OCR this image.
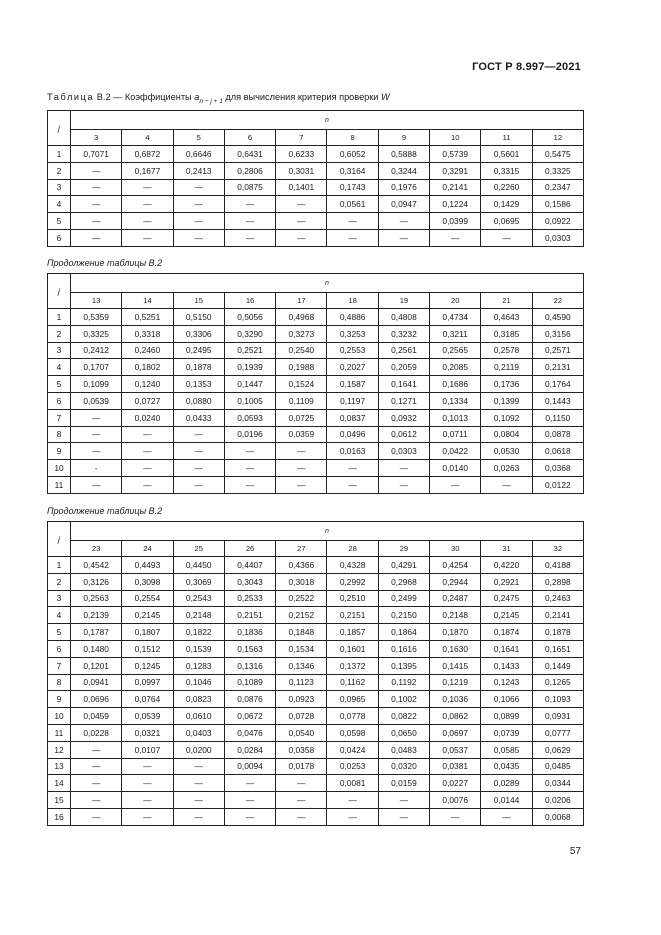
ГОСТ Р 8.997—2021
Таблица В.2 — Коэффициенты $a_{n - j + 1}$ для вычисления критерия проверки W
j	n									
	3	4	5	6	7	8	9	10	11	12
1	0,7071	0,6872	0,6646	0,6431	0,6233	0,6052	0,5888	0,5739	0,5601	0,5475
2	—	0,1677	0,2413	0,2806	0,3031	0,3164	0,3244	0,3291	0,3315	0,3325
3	—	—	—	0,0875	0,1401	0,1743	0,1976	0,2141	0,2260	0,2347
4	—	—	—	—	—	0,0561	0,0947	0,1224	0,1429	0,1586
5	—	—	—	—	—	—	—	0,0399	0,0695	0,0922
6	—	—	—	—	—	—	—	—	—	0,0303
Продолжение таблицы В.2
j	n									
	13	14	15	16	17	18	19	20	21	22
1	0,5359	0,5251	0,5150	0,5056	0,4968	0,4886	0,4808	0,4734	0,4643	0,4590
2	0,3325	0,3318	0,3306	0,3290	0,3273	0,3253	0,3232	0,3211	0,3185	0,3156
3	0,2412	0,2460	0,2495	0,2521	0,2540	0,2553	0,2561	0,2565	0,2578	0,2571
4	0,1707	0,1802	0,1878	0,1939	0,1988	0,2027	0,2059	0,2085	0,2119	0,2131
5	0,1099	0,1240	0,1353	0,1447	0,1524	0,1587	0,1641	0,1686	0,1736	0,1764
6	0,0539	0,0727	0,0880	0,1005	0,1109	0,1197	0,1271	0,1334	0,1399	0,1443
7	—	0,0240	0,0433	0,0593	0,0725	0,0837	0,0932	0,1013	0,1092	0,1150
8	—	—	—	0,0196	0,0359	0,0496	0,0612	0,0711	0,0804	0,0878
9	—	—	—	—	—	0,0163	0,0303	0,0422	0,0530	0,0618
10	-	—	—	—	—	—	—	0,0140	0,0263	0,0368
11	—	—	—	—	—	—	—	—	—	0,0122
Продолжение таблицы В.2
j	n									
	23	24	25	26	27	28	29	30	31	32
1	0,4542	0,4493	0,4450	0,4407	0,4366	0,4328	0,4291	0,4254	0,4220	0,4188
2	0,3126	0,3098	0,3069	0,3043	0,3018	0,2992	0,2968	0,2944	0,2921	0,2898
3	0,2563	0,2554	0,2543	0,2533	0,2522	0,2510	0,2499	0,2487	0,2475	0,2463
4	0,2139	0,2145	0,2148	0,2151	0,2152	0,2151	0,2150	0,2148	0,2145	0,2141
5	0,1787	0,1807	0,1822	0,1836	0,1848	0,1857	0,1864	0,1870	0,1874	0,1878
6	0,1480	0,1512	0,1539	0,1563	0,1534	0,1601	0,1616	0,1630	0,1641	0,1651
7	0,1201	0,1245	0,1283	0,1316	0,1346	0,1372	0,1395	0,1415	0,1433	0,1449
8	0,0941	0,0997	0,1046	0,1089	0,1123	0,1162	0,1192	0,1219	0,1243	0,1265
9	0,0696	0,0764	0,0823	0,0876	0,0923	0,0965	0,1002	0,1036	0,1066	0,1093
10	0,0459	0,0539	0,0610	0,0672	0,0728	0,0778	0,0822	0,0862	0,0899	0,0931
11	0,0228	0,0321	0,0403	0,0476	0,0540	0,0598	0,0650	0,0697	0,0739	0,0777
12	—	0,0107	0,0200	0,0284	0,0358	0,0424	0,0483	0,0537	0,0585	0,0629
13	—	—	—	0,0094	0,0178	0,0253	0,0320	0,0381	0,0435	0,0485
14	—	—	—	—	—	0,0081	0,0159	0,0227	0,0289	0,0344
15	—	—	—	—	—	—	—	0,0076	0,0144	0,0206
16	—	—	—	—	—	—	—	—	—	0,0068
57
